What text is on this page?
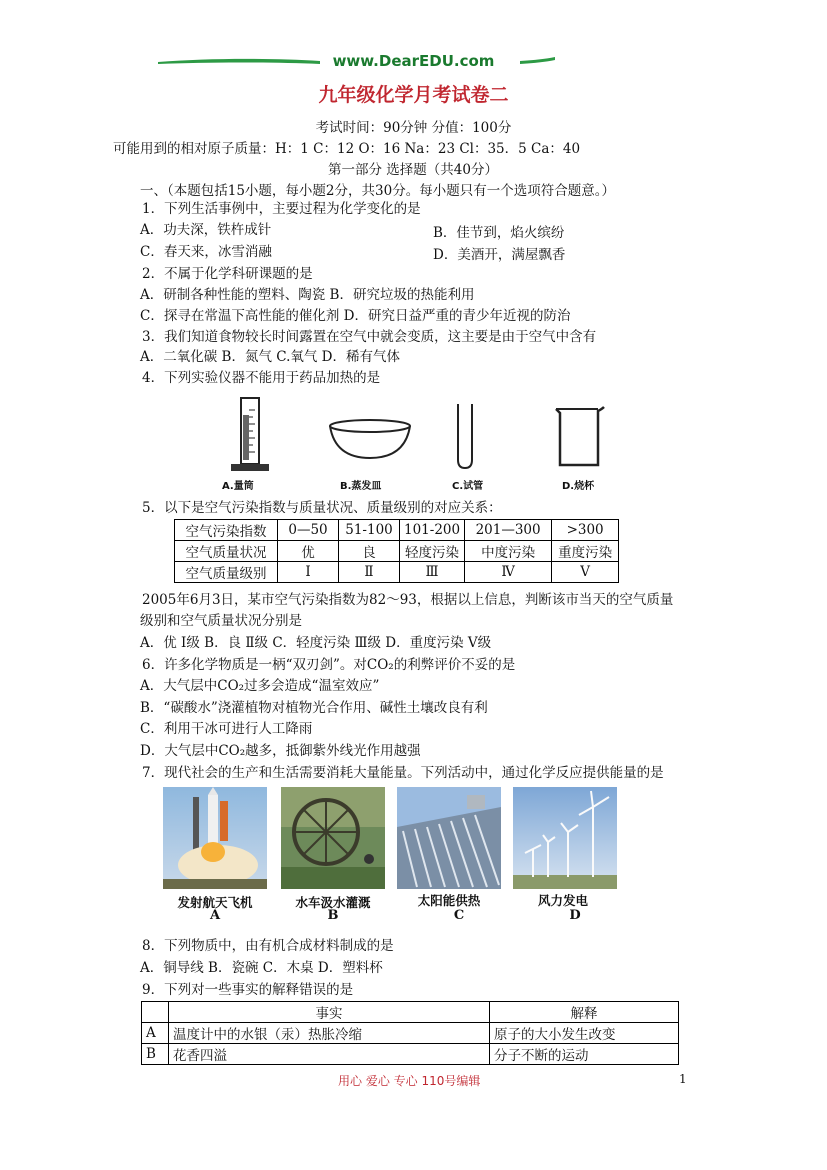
www.DearEDU.com
九年级化学月考试卷二
考试时间：90分钟 分值：100分
可能用到的相对原子质量：H：1 C：12 O：16 Na：23 Cl：35．5 Ca：40
第一部分 选择题（共40分）
一、（本题包括15小题，每小题2分，共30分。每小题只有一个选项符合题意。）
1．下列生活事例中，主要过程为化学变化的是
A．功夫深，铁杵成针	B．佳节到，焰火缤纷
C．春天来，冰雪消融	D．美酒开，满屋飘香
2．不属于化学科研课题的是
A．研制各种性能的塑料、陶瓷 B．研究垃圾的热能利用
C．探寻在常温下高性能的催化剂 D．研究日益严重的青少年近视的防治
3．我们知道食物较长时间露置在空气中就会变质，这主要是由于空气中含有
A．二氧化碳 B．氮气 C.氧气 D．稀有气体
4．下列实验仪器不能用于药品加热的是
A.量筒	B.蒸发皿	C.试管	D.烧杯
5．以下是空气污染指数与质量状况、质量级别的对应关系：
空气污染指数	0—50	51-100	101-200	201—300	>300
空气质量状况	优	良	轻度污染	中度污染	重度污染
空气质量级别	Ⅰ	Ⅱ	Ⅲ	Ⅳ	Ⅴ
2005年6月3日，某市空气污染指数为82～93，根据以上信息，判断该市当天的空气质量
级别和空气质量状况分别是
A．优 Ⅰ级 B．良 Ⅱ级 C．轻度污染 Ⅲ级 D．重度污染 Ⅴ级
6．许多化学物质是一柄“双刃剑”。对CO₂的利弊评价不妥的是
A．大气层中CO₂过多会造成“温室效应”
B．“碳酸水”浇灌植物对植物光合作用、碱性土壤改良有利
C．利用干冰可进行人工降雨
D．大气层中CO₂越多，抵御紫外线光作用越强
7．现代社会的生产和生活需要消耗大量能量。下列活动中，通过化学反应提供能量的是
发射航天飞机	水车汲水灌溉	太阳能供热	风力发电
A	B	C	D
8．下列物质中，由有机合成材料制成的是
A．铜导线 B．瓷碗 C．木桌 D．塑料杯
9．下列对一些事实的解释错误的是
	事实	解释
A	温度计中的水银（汞）热胀冷缩	原子的大小发生改变
B	花香四溢	分子不断的运动
用心 爱心 专心 110号编辑	1
